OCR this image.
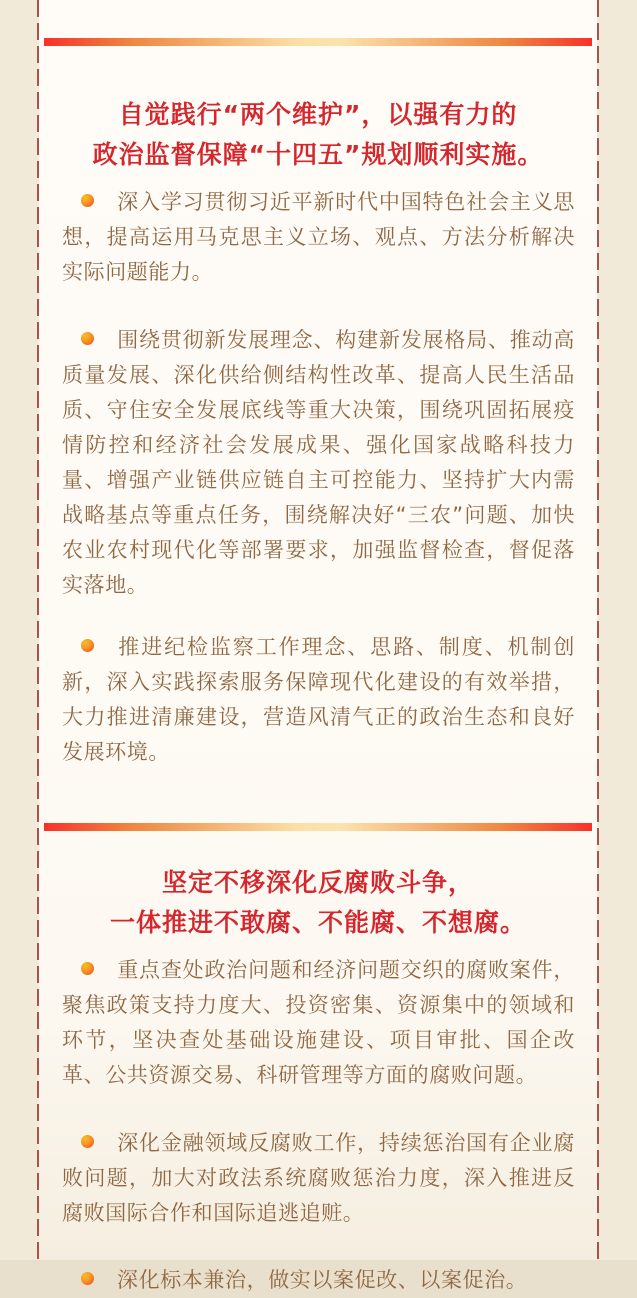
自觉践行“两个维护”，以强有力的
政治监督保障“十四五”规划顺利实施。

深入学习贯彻习近平新时代中国特色社会主义思想，提高运用马克思主义立场、观点、方法分析解决实际问题能力。

围绕贯彻新发展理念、构建新发展格局、推动高质量发展、深化供给侧结构性改革、提高人民生活品质、守住安全发展底线等重大决策，围绕巩固拓展疫情防控和经济社会发展成果、强化国家战略科技力量、增强产业链供应链自主可控能力、坚持扩大内需战略基点等重点任务，围绕解决好“三农”问题、加快农业农村现代化等部署要求，加强监督检查，督促落实落地。

推进纪检监察工作理念、思路、制度、机制创新，深入实践探索服务保障现代化建设的有效举措，大力推进清廉建设，营造风清气正的政治生态和良好发展环境。

坚定不移深化反腐败斗争，
一体推进不敢腐、不能腐、不想腐。

重点查处政治问题和经济问题交织的腐败案件，聚焦政策支持力度大、投资密集、资源集中的领域和环节，坚决查处基础设施建设、项目审批、国企改革、公共资源交易、科研管理等方面的腐败问题。

深化金融领域反腐败工作，持续惩治国有企业腐败问题，加大对政法系统腐败惩治力度，深入推进反腐败国际合作和国际追逃追赃。

深化标本兼治，做实以案促改、以案促治。
